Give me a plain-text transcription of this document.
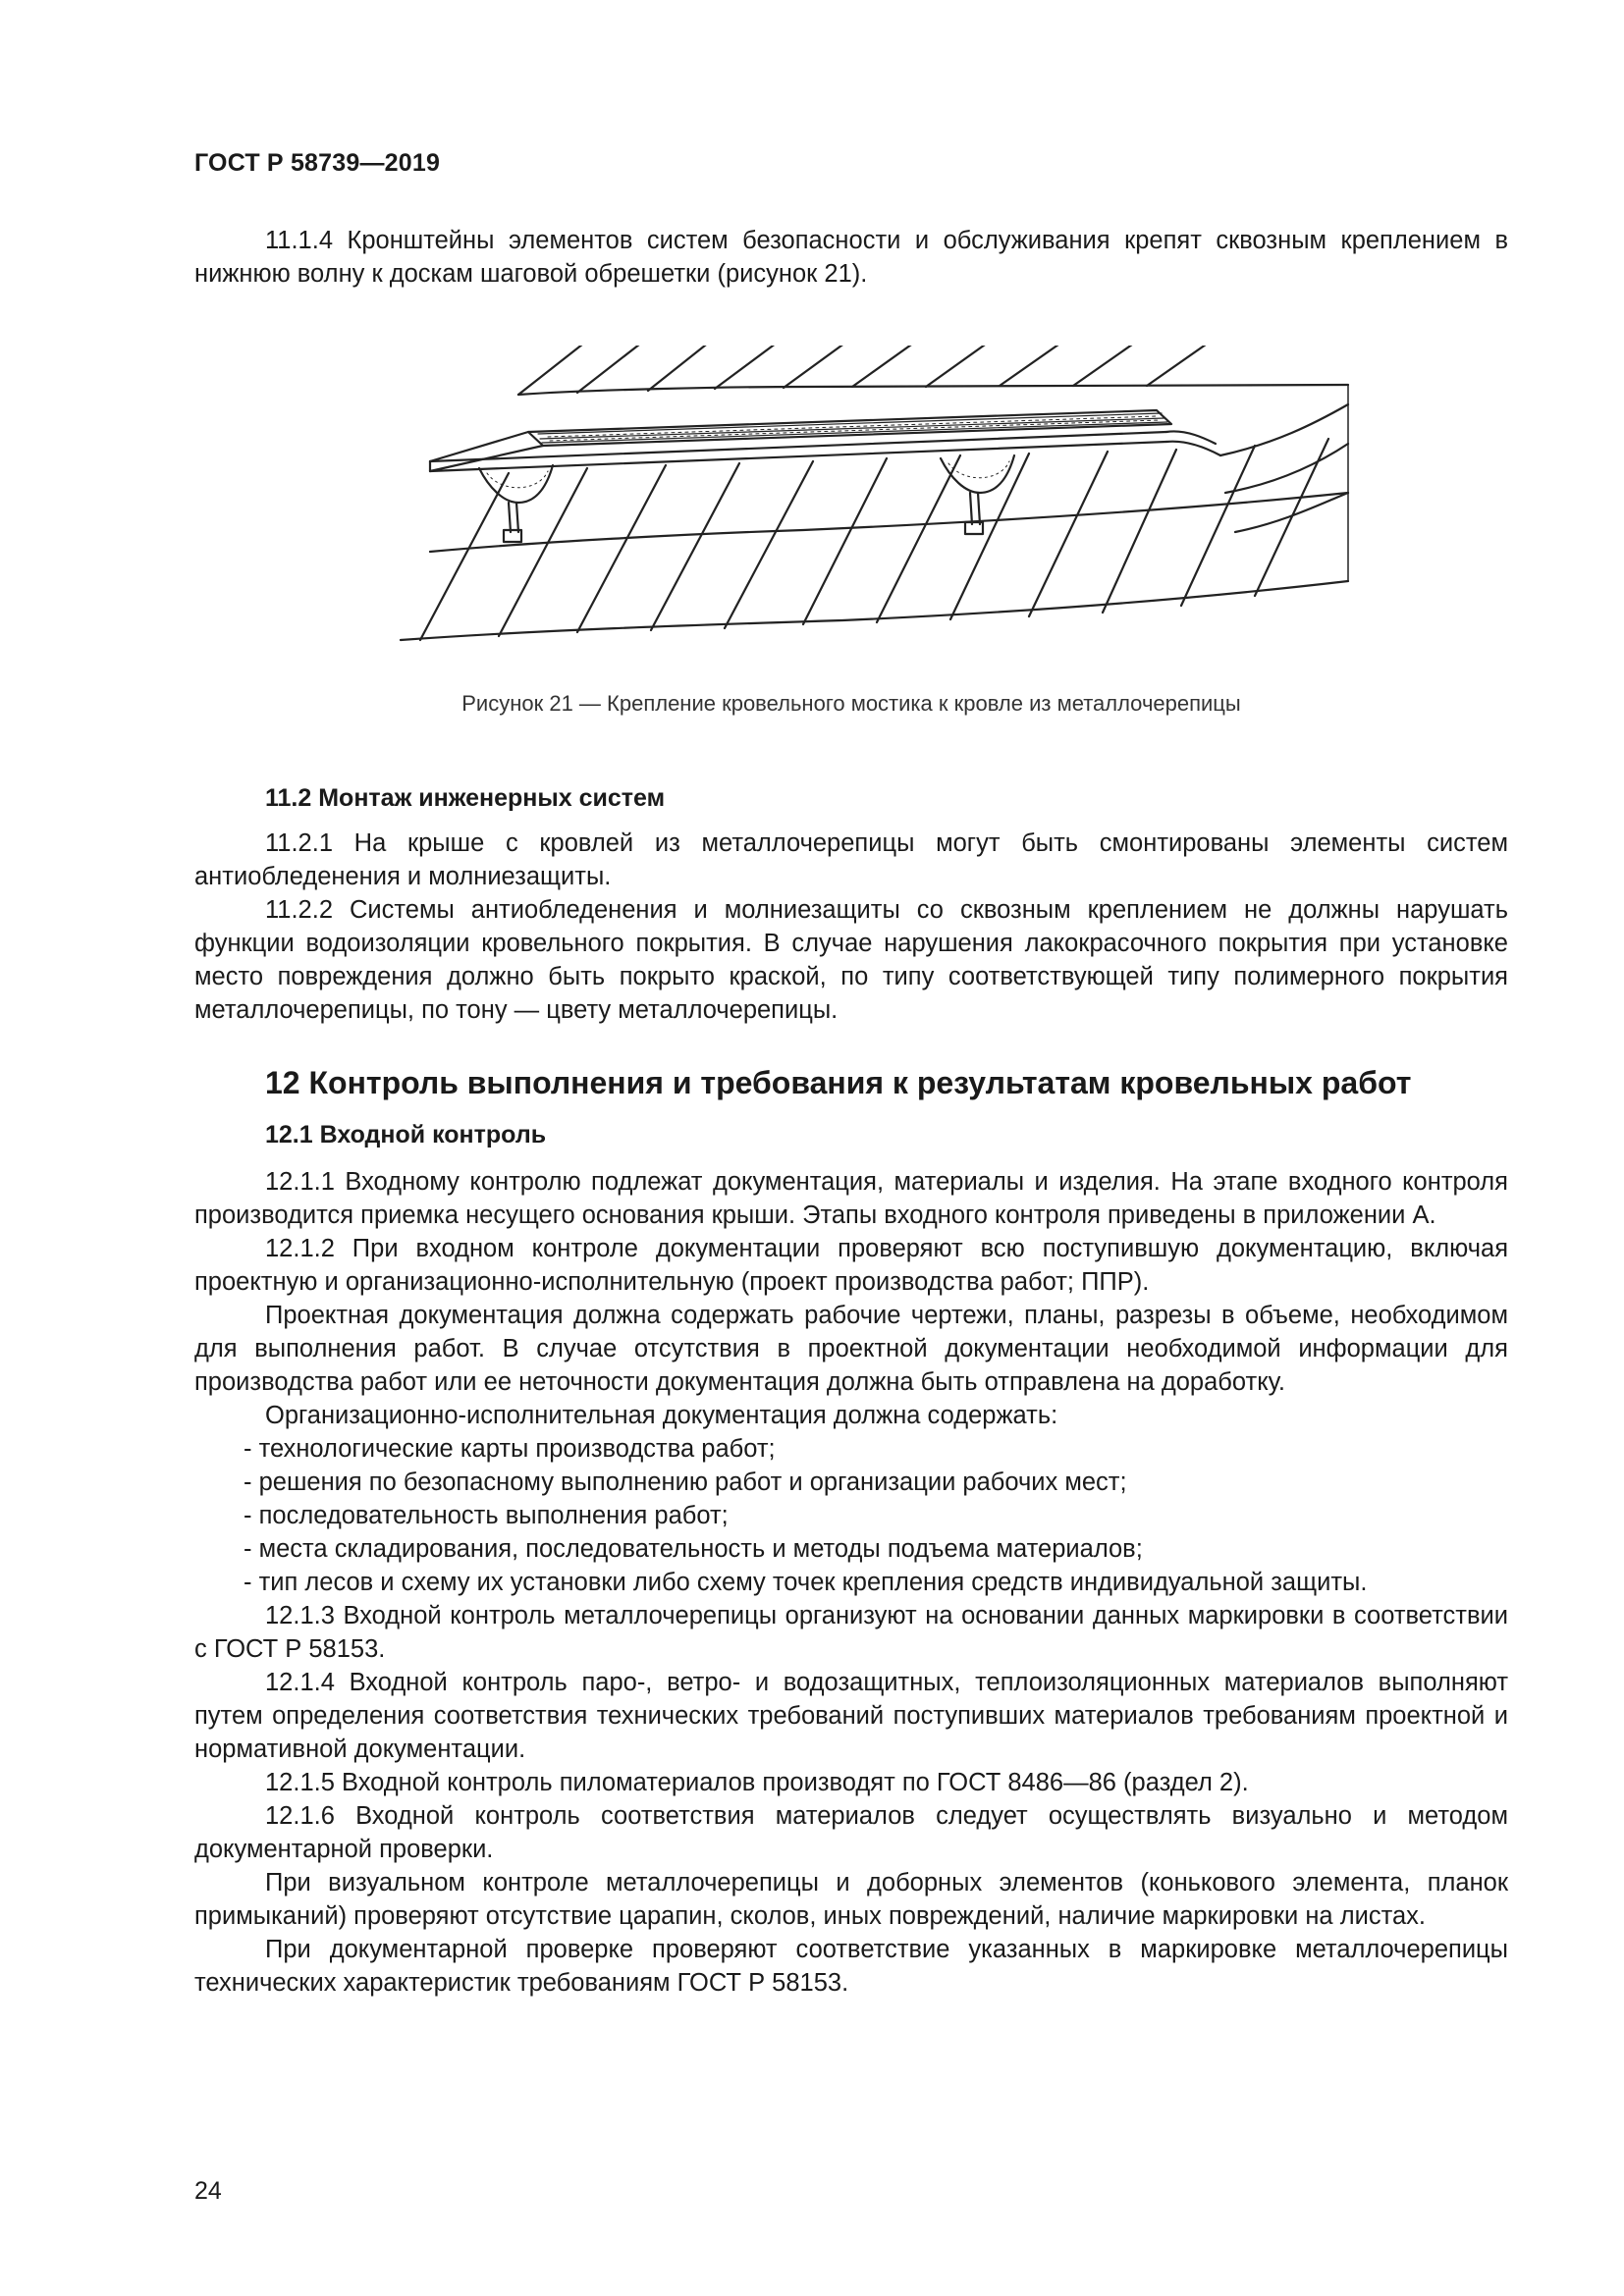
ГОСТ Р 58739—2019

11.1.4 Кронштейны элементов систем безопасности и обслуживания крепят сквозным креплением в нижнюю волну к доскам шаговой обрешетки (рисунок 21).

Рисунок 21 — Крепление кровельного мостика к кровле из металлочерепицы

11.2 Монтаж инженерных систем

11.2.1 На крыше с кровлей из металлочерепицы могут быть смонтированы элементы систем антиобледенения и молниезащиты.

11.2.2 Системы антиобледенения и молниезащиты со сквозным креплением не должны нарушать функции водоизоляции кровельного покрытия. В случае нарушения лакокрасочного покрытия при установке место повреждения должно быть покрыто краской, по типу соответствующей типу полимерного покрытия металлочерепицы, по тону — цвету металлочерепицы.

12 Контроль выполнения и требования к результатам кровельных работ

12.1 Входной контроль

12.1.1 Входному контролю подлежат документация, материалы и изделия. На этапе входного контроля производится приемка несущего основания крыши. Этапы входного контроля приведены в приложении А.

12.1.2 При входном контроле документации проверяют всю поступившую документацию, включая проектную и организационно-исполнительную (проект производства работ; ППР).

Проектная документация должна содержать рабочие чертежи, планы, разрезы в объеме, необходимом для выполнения работ. В случае отсутствия в проектной документации необходимой информации для производства работ или ее неточности документация должна быть отправлена на доработку.

Организационно-исполнительная документация должна содержать:

- технологические карты производства работ;
- решения по безопасному выполнению работ и организации рабочих мест;
- последовательность выполнения работ;
- места складирования, последовательность и методы подъема материалов;
- тип лесов и схему их установки либо схему точек крепления средств индивидуальной защиты.

12.1.3 Входной контроль металлочерепицы организуют на основании данных маркировки в соответствии с ГОСТ Р 58153.

12.1.4 Входной контроль паро-, ветро- и водозащитных, теплоизоляционных материалов выполняют путем определения соответствия технических требований поступивших материалов требованиям проектной и нормативной документации.

12.1.5 Входной контроль пиломатериалов производят по ГОСТ 8486—86 (раздел 2).

12.1.6 Входной контроль соответствия материалов следует осуществлять визуально и методом документарной проверки.

При визуальном контроле металлочерепицы и доборных элементов (конькового элемента, планок примыканий) проверяют отсутствие царапин, сколов, иных повреждений, наличие маркировки на листах.

При документарной проверке проверяют соответствие указанных в маркировке металлочерепицы технических характеристик требованиям ГОСТ Р 58153.

24
